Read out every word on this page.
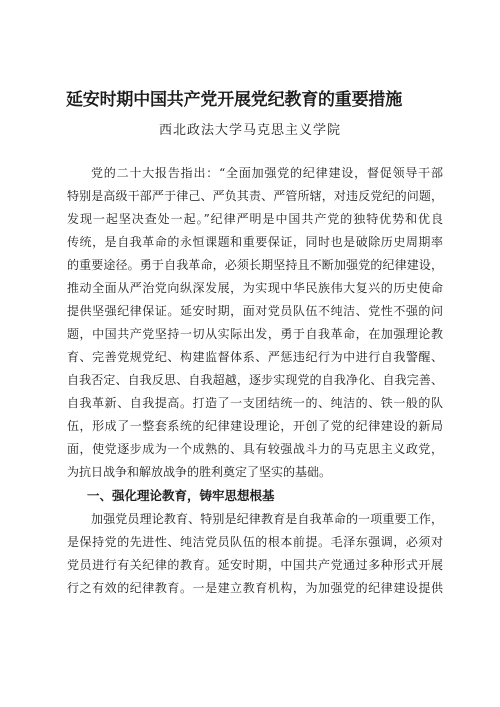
延安时期中国共产党开展党纪教育的重要措施
西北政法大学马克思主义学院
党的二十大报告指出：“全面加强党的纪律建设，督促领导干部
特别是高级干部严于律己、严负其责、严管所辖，对违反党纪的问题，
发现一起坚决查处一起。”纪律严明是中国共产党的独特优势和优良
传统，是自我革命的永恒课题和重要保证，同时也是破除历史周期率
的重要途径。勇于自我革命，必须长期坚持且不断加强党的纪律建设，
推动全面从严治党向纵深发展，为实现中华民族伟大复兴的历史使命
提供坚强纪律保证。延安时期，面对党员队伍不纯洁、党性不强的问
题，中国共产党坚持一切从实际出发，勇于自我革命，在加强理论教
育、完善党规党纪、构建监督体系、严惩违纪行为中进行自我警醒、
自我否定、自我反思、自我超越，逐步实现党的自我净化、自我完善、
自我革新、自我提高。打造了一支团结统一的、纯洁的、铁一般的队
伍，形成了一整套系统的纪律建设理论，开创了党的纪律建设的新局
面，使党逐步成为一个成熟的、具有较强战斗力的马克思主义政党，
为抗日战争和解放战争的胜利奠定了坚实的基础。
一、强化理论教育，铸牢思想根基
加强党员理论教育、特别是纪律教育是自我革命的一项重要工作，
是保持党的先进性、纯洁党员队伍的根本前提。毛泽东强调，必须对
党员进行有关纪律的教育。延安时期，中国共产党通过多种形式开展
行之有效的纪律教育。一是建立教育机构，为加强党的纪律建设提供
